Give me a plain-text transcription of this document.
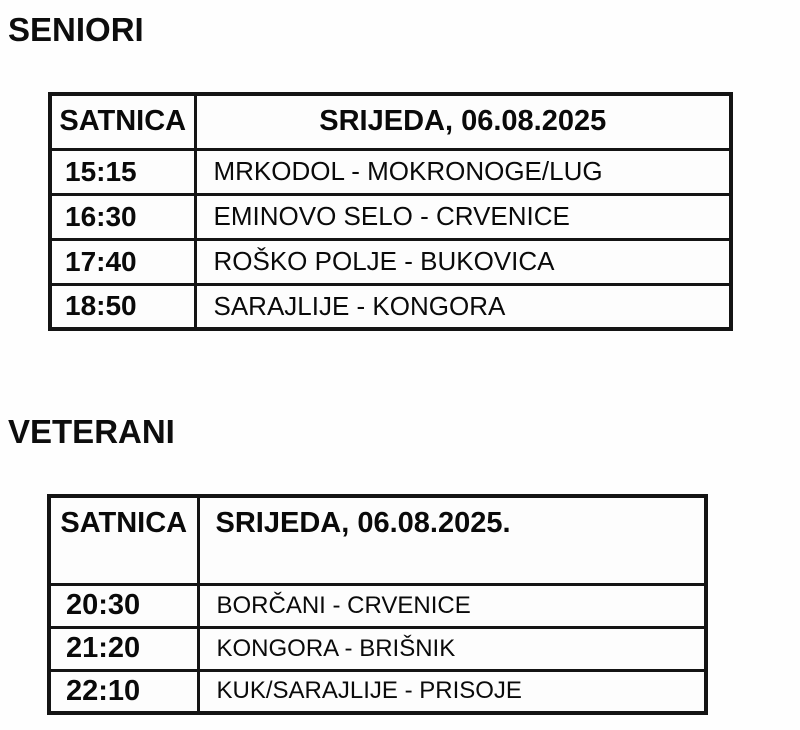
SENIORI
SATNICA	SRIJEDA, 06.08.2025
15:15	MRKODOL - MOKRONOGE/LUG
16:30	EMINOVO SELO - CRVENICE
17:40	ROŠKO POLJE - BUKOVICA
18:50	SARAJLIJE - KONGORA
VETERANI
SATNICA	SRIJEDA, 06.08.2025.
20:30	BORČANI - CRVENICE
21:20	KONGORA - BRIŠNIK
22:10	KUK/SARAJLIJE - PRISOJE
